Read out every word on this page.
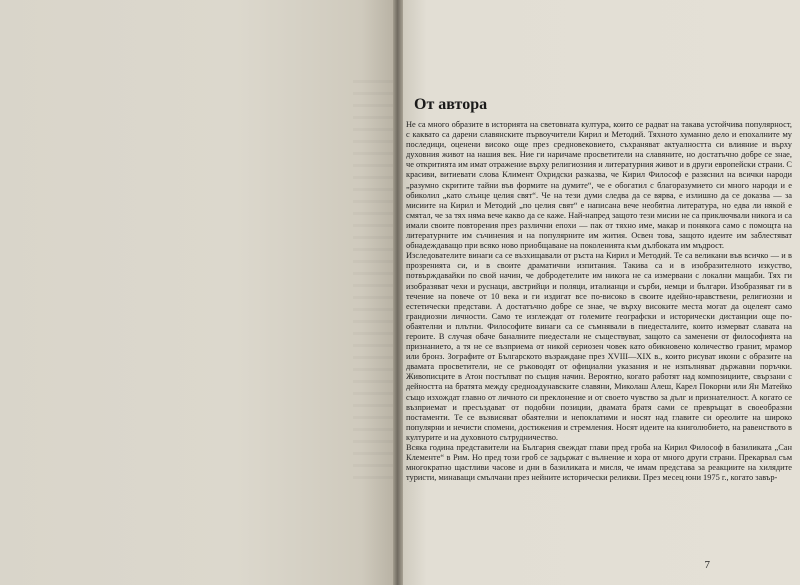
От автора

Не са много образите в историята на световната култура, които се радват на такава устойчива популярност, с каквато са дарени славянските първоучители Кирил и Методий. Тяхното хуманно дело и епохалните му последици, оценени високо още през средновековието, съхраняват актуалността си влияние и върху духовния живот на нашия век. Ние ги наричаме просветители на славяните, но достатъчно добре се знае, че откритията им имат отражение върху религиозния и литературния живот и в други европейски страни. С красиви, витиевати слова Климент Охридски разказва, че Кирил Философ е разяснил на всички народи „разумно скритите тайни във формите на думите“, че е обогатил с благоразумието си много народи и е обиколил „като слънце целия свят“. Че на тези думи следва да се вярва, е излишно да се доказва — за мисиите на Кирил и Методий „по целия свят“ е написана вече необятна литература, но едва ли някой е смятал, че за тях няма вече какво да се каже. Най-напред защото тези мисии не са приключвали никога и са имали своите повторения през различни епохи — пак от тяхно име, макар и понякога само с помощта на литературните им съчинения и на популярните им жития. Освен това, защото идеите им заблестяват обнадеждаващо при всяко ново приобщаване на поколенията към дълбоката им мъдрост.

Изследователите винаги са се възхищавали от ръста на Кирил и Методий. Те са великани във всичко — и в прозренията си, и в своите драматични изпитания. Такива са и в изобразителното изкуство, потвърждавайки по свой начин, че добродетелите им никога не са измервани с локални мащаби. Тях ги изобразяват чехи и руснаци, австрийци и поляци, италианци и сърби, немци и българи. Изобразяват ги в течение на повече от 10 века и ги издигат все по-високо в своите идейно-нравствени, религиозни и естетически представи. А достатъчно добре се знае, че върху високите места могат да оцелеят само грандиозни личности. Само те изглеждат от големите географски и исторически дистанции още по-обаятелни и плътни. Философите винаги са се съмнявали в пиедесталите, които измерват славата на героите. В случая обаче баналните пиедестали не съществуват, защото са заменени от философията на признанието, а тя не се възприема от никой сериозен човек като обикновено количество гранит, мрамор или бронз. Зографите от Българското възраждане през XVIII—XIX в., които рисуват икони с образите на двамата просветители, не се ръководят от официални указания и не изпълняват държавни поръчки. Живописците в Атон постъпват по същия начин. Вероятно, когато работят над композициите, свързани с дейността на братята между средноадунавските славяни, Миколаш Алеш, Карел Покорни или Ян Матейко също изхождат главно от личното си преклонение и от своето чувство за дълг и признателност. А когато се възприемат и пресъздават от подобни позиции, двамата братя сами се превръщат в своеобразни постаменти. Те се възвисяват обаятелни и непоклатими и носят над главите си ореолите на широко популярни и нечисти спомени, достижения и стремления. Носят идеите на книголюбието, на равенството в културите и на духовното сътрудничество.

Всяка година представители на България свеждат глави пред гроба на Кирил Философ в базиликата „Сан Клементе“ в Рим. Но пред този гроб се задържат с вълнение и хора от много други страни. Прекарвал съм многократно щастливи часове и дни в базиликата и мисля, че имам представа за реакциите на хилядите туристи, минаващи смълчани през нейните исторически реликви. През месец юни 1975 г., когато завър-

7
